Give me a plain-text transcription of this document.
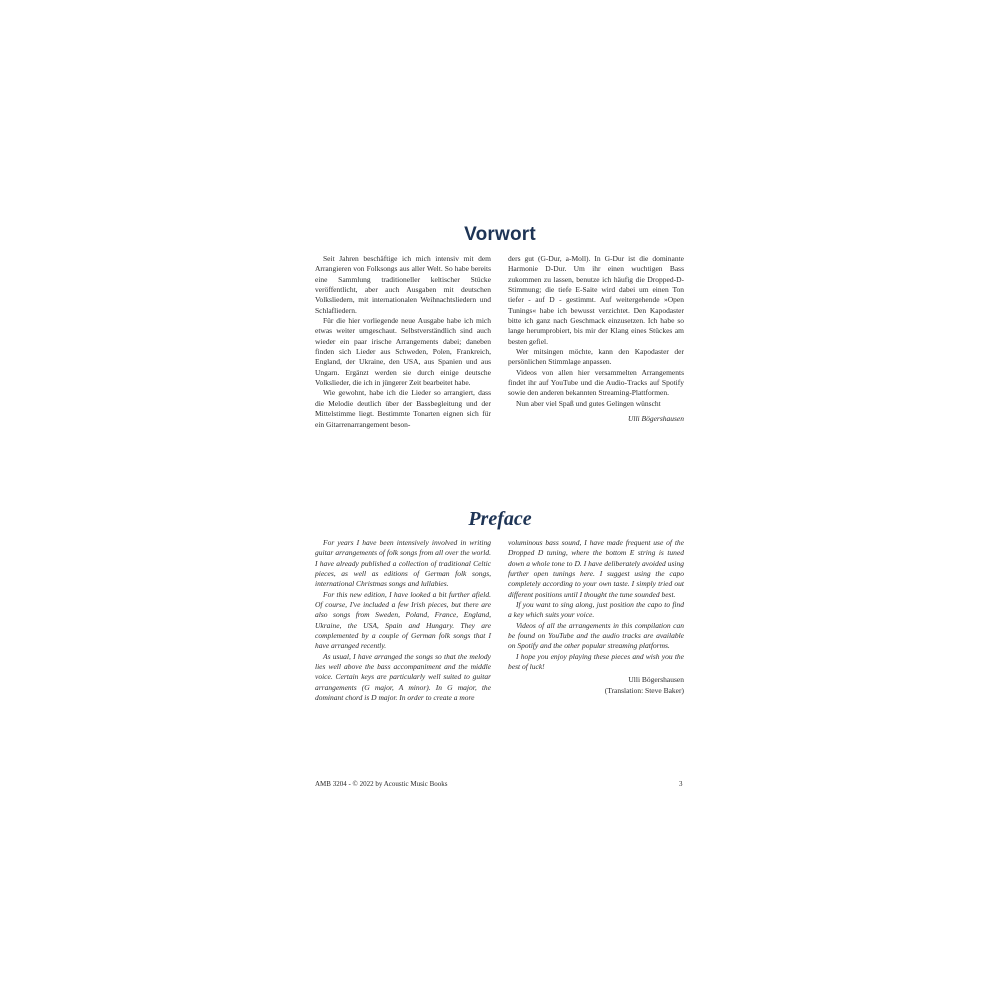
Vorwort

Seit Jahren beschäftige ich mich intensiv mit dem Arrangieren von Folksongs aus aller Welt. So habe bereits eine Sammlung traditioneller keltischer Stücke veröffentlicht, aber auch Ausgaben mit deutschen Volksliedern, mit internationalen Weihnachtsliedern und Schlafliedern.

Für die hier vorliegende neue Ausgabe habe ich mich etwas weiter umgeschaut. Selbstverständlich sind auch wieder ein paar irische Arrangements dabei; daneben finden sich Lieder aus Schweden, Polen, Frankreich, England, der Ukraine, den USA, aus Spanien und aus Ungarn. Ergänzt werden sie durch einige deutsche Volkslieder, die ich in jüngerer Zeit bearbeitet habe.

Wie gewohnt, habe ich die Lieder so arrangiert, dass die Melodie deutlich über der Bassbegleitung und der Mittelstimme liegt. Bestimmte Tonarten eignen sich für ein Gitarrenarrangement beson-

ders gut (G-Dur, a-Moll). In G-Dur ist die dominante Harmonie D-Dur. Um ihr einen wuchtigen Bass zukommen zu lassen, benutze ich häufig die Dropped-D-Stimmung; die tiefe E-Saite wird dabei um einen Ton tiefer - auf D - gestimmt. Auf weitergehende »Open Tunings« habe ich bewusst verzichtet. Den Kapodaster bitte ich ganz nach Geschmack einzusetzen. Ich habe so lange herumprobiert, bis mir der Klang eines Stückes am besten gefiel.

Wer mitsingen möchte, kann den Kapodaster der persönlichen Stimmlage anpassen.

Videos von allen hier versammelten Arrangements findet ihr auf YouTube und die Audio-Tracks auf Spotify sowie den anderen bekannten Streaming-Plattformen.

Nun aber viel Spaß und gutes Gelingen wünscht

Ulli Bögershausen

Preface

For years I have been intensively involved in writing guitar arrangements of folk songs from all over the world. I have already published a collection of traditional Celtic pieces, as well as editions of German folk songs, international Christmas songs and lullabies.

For this new edition, I have looked a bit further afield. Of course, I've included a few Irish pieces, but there are also songs from Sweden, Poland, France, England, Ukraine, the USA, Spain and Hungary. They are complemented by a couple of German folk songs that I have arranged recently.

As usual, I have arranged the songs so that the melody lies well above the bass accompaniment and the middle voice. Certain keys are particularly well suited to guitar arrangements (G major, A minor). In G major, the dominant chord is D major. In order to create a more

voluminous bass sound, I have made frequent use of the Dropped D tuning, where the bottom E string is tuned down a whole tone to D. I have deliberately avoided using further open tunings here. I suggest using the capo completely according to your own taste. I simply tried out different positions until I thought the tune sounded best.

If you want to sing along, just position the capo to find a key which suits your voice.

Videos of all the arrangements in this compilation can be found on YouTube and the audio tracks are available on Spotify and the other popular streaming platforms.

I hope you enjoy playing these pieces and wish you the best of luck!

Ulli Bögershausen

(Translation: Steve Baker)

AMB 3204 - © 2022 by Acoustic Music Books	3
